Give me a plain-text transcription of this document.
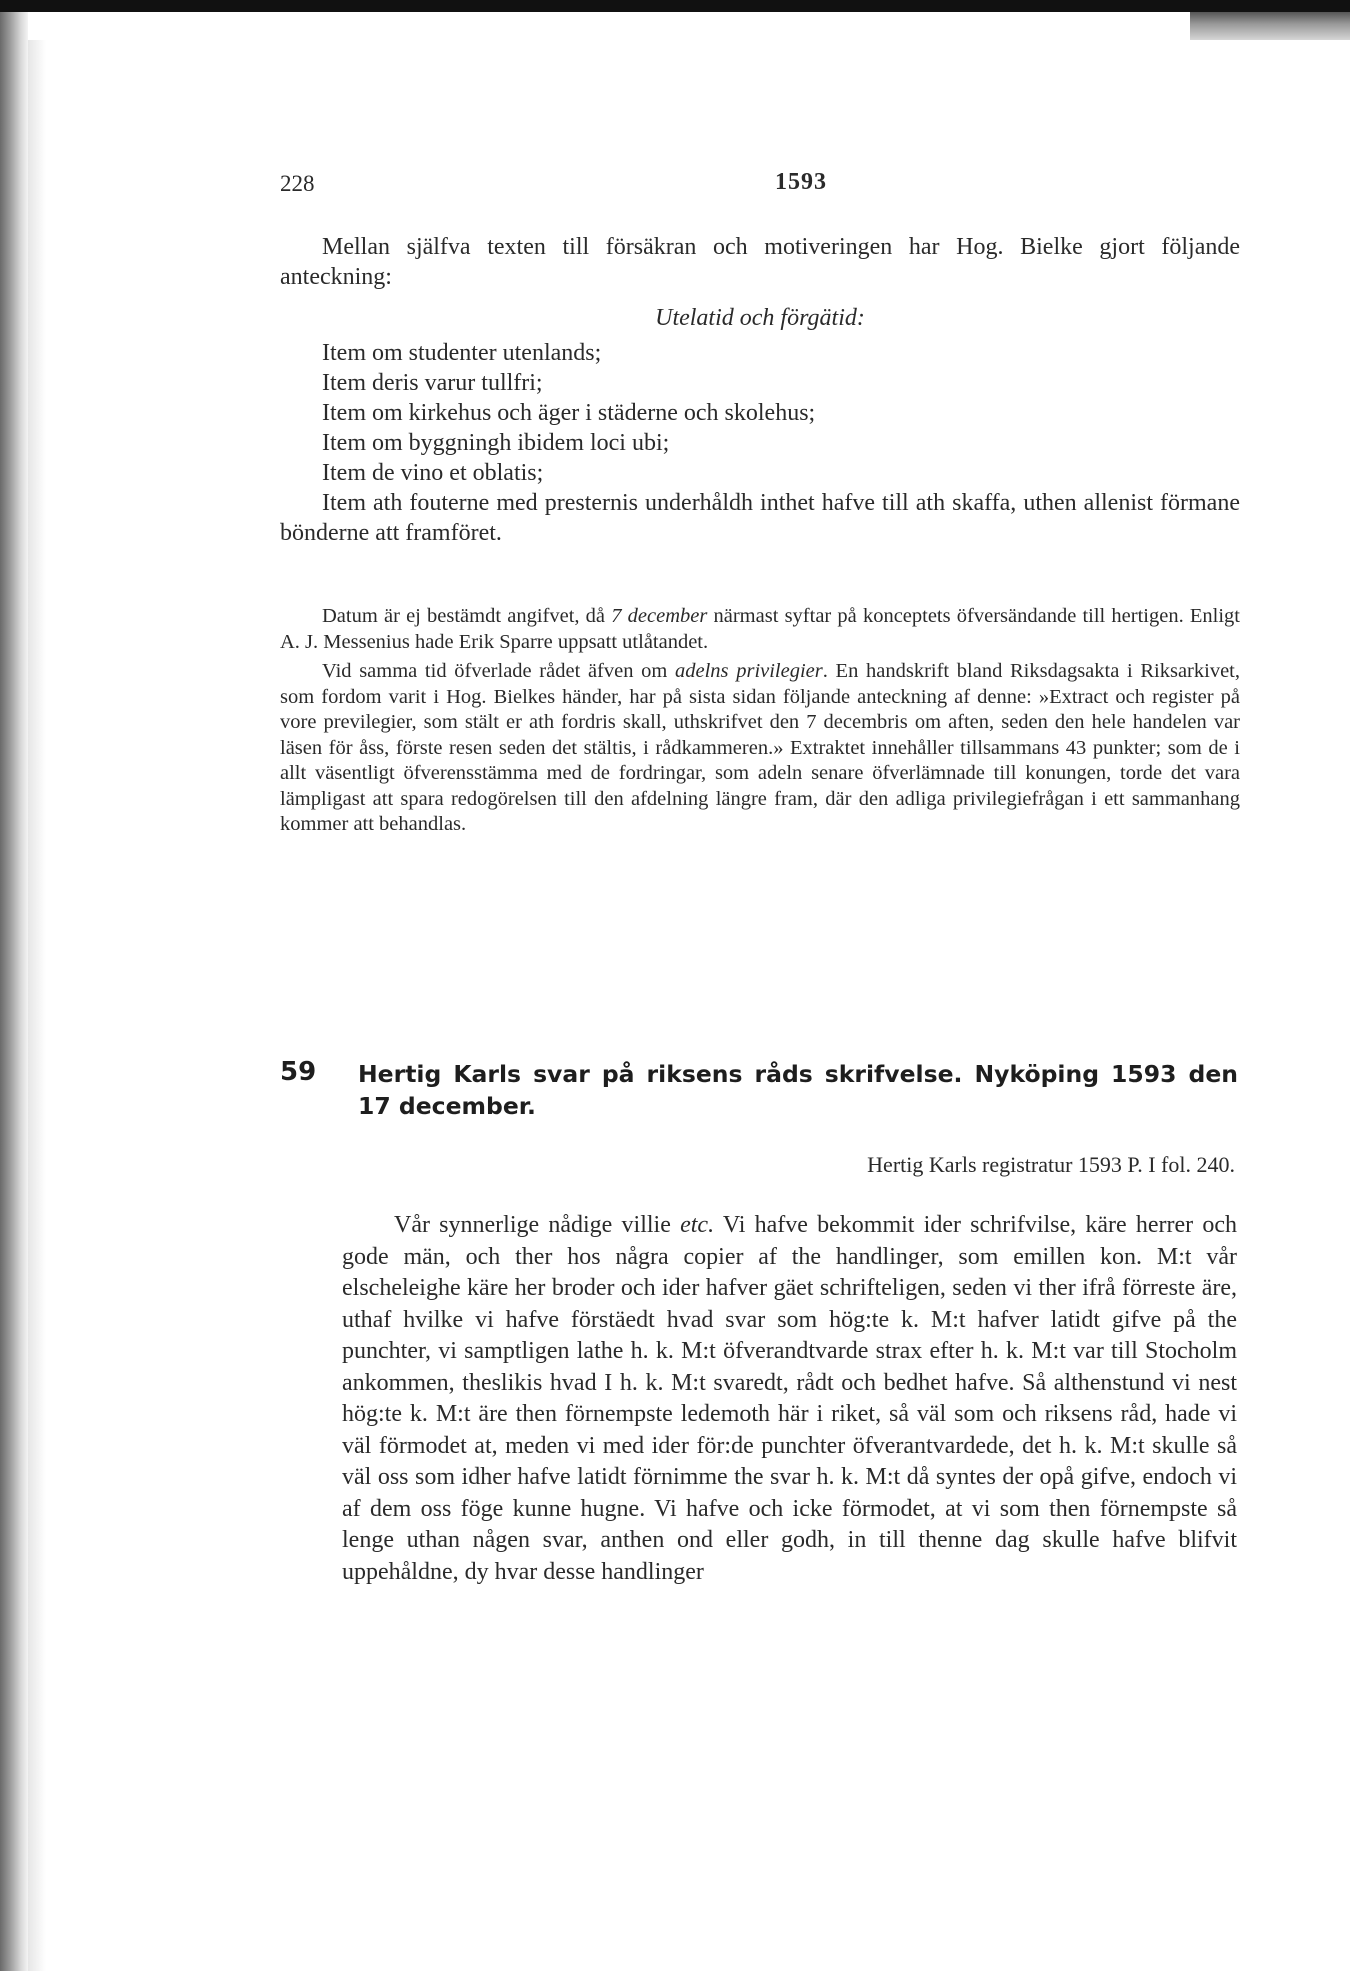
228	1593

Mellan själfva texten till försäkran och motiveringen har Hog. Bielke gjort följande anteckning:

Utelatid och förgätid:

Item om studenter utenlands;

Item deris varur tullfri;

Item om kirkehus och äger i städerne och skolehus;

Item om byggningh ibidem loci ubi;

Item de vino et oblatis;

Item ath fouterne med presternis underhåldh inthet hafve till ath skaffa, uthen allenist förmane bönderne att framföret.

Datum är ej bestämdt angifvet, då 7 december närmast syftar på konceptets öfversändande till hertigen. Enligt A. J. Messenius hade Erik Sparre uppsatt utlåtandet.

Vid samma tid öfverlade rådet äfven om adelns privilegier. En handskrift bland Riksdagsakta i Riksarkivet, som fordom varit i Hog. Bielkes händer, har på sista sidan följande anteckning af denne: »Extract och register på vore previlegier, som stält er ath fordris skall, uthskrifvet den 7 decembris om aften, seden den hele handelen var läsen för åss, förste resen seden det stältis, i rådkammeren.» Extraktet innehåller tillsammans 43 punkter; som de i allt väsentligt öfverensstämma med de fordringar, som adeln senare öfverlämnade till konungen, torde det vara lämpligast att spara redogörelsen till den afdelning längre fram, där den adliga privilegiefrågan i ett sammanhang kommer att behandlas.

59	Hertig Karls svar på riksens råds skrifvelse. Nyköping 1593 den 17 december.
Hertig Karls registratur 1593 P. I fol. 240.

Vår synnerlige nådige villie etc. Vi hafve bekommit ider schrifvilse, käre herrer och gode män, och ther hos några copier af the handlinger, som emillen kon. M:t vår elscheleighe käre her broder och ider hafver gäet schrifteligen, seden vi ther ifrå förreste äre, uthaf hvilke vi hafve förstäedt hvad svar som hög:te k. M:t hafver latidt gifve på the punchter, vi samptligen lathe h. k. M:t öfverandtvarde strax efter h. k. M:t var till Stocholm ankommen, theslikis hvad I h. k. M:t svaredt, rådt och bedhet hafve. Så althenstund vi nest hög:te k. M:t äre then förnempste ledemoth här i riket, så väl som och riksens råd, hade vi väl förmodet at, meden vi med ider för:de punchter öfverantvardede, det h. k. M:t skulle så väl oss som idher hafve latidt förnimme the svar h. k. M:t då syntes der opå gifve, endoch vi af dem oss föge kunne hugne. Vi hafve och icke förmodet, at vi som then förnempste så lenge uthan någen svar, anthen ond eller godh, in till thenne dag skulle hafve blifvit uppehåldne, dy hvar desse handlinger
